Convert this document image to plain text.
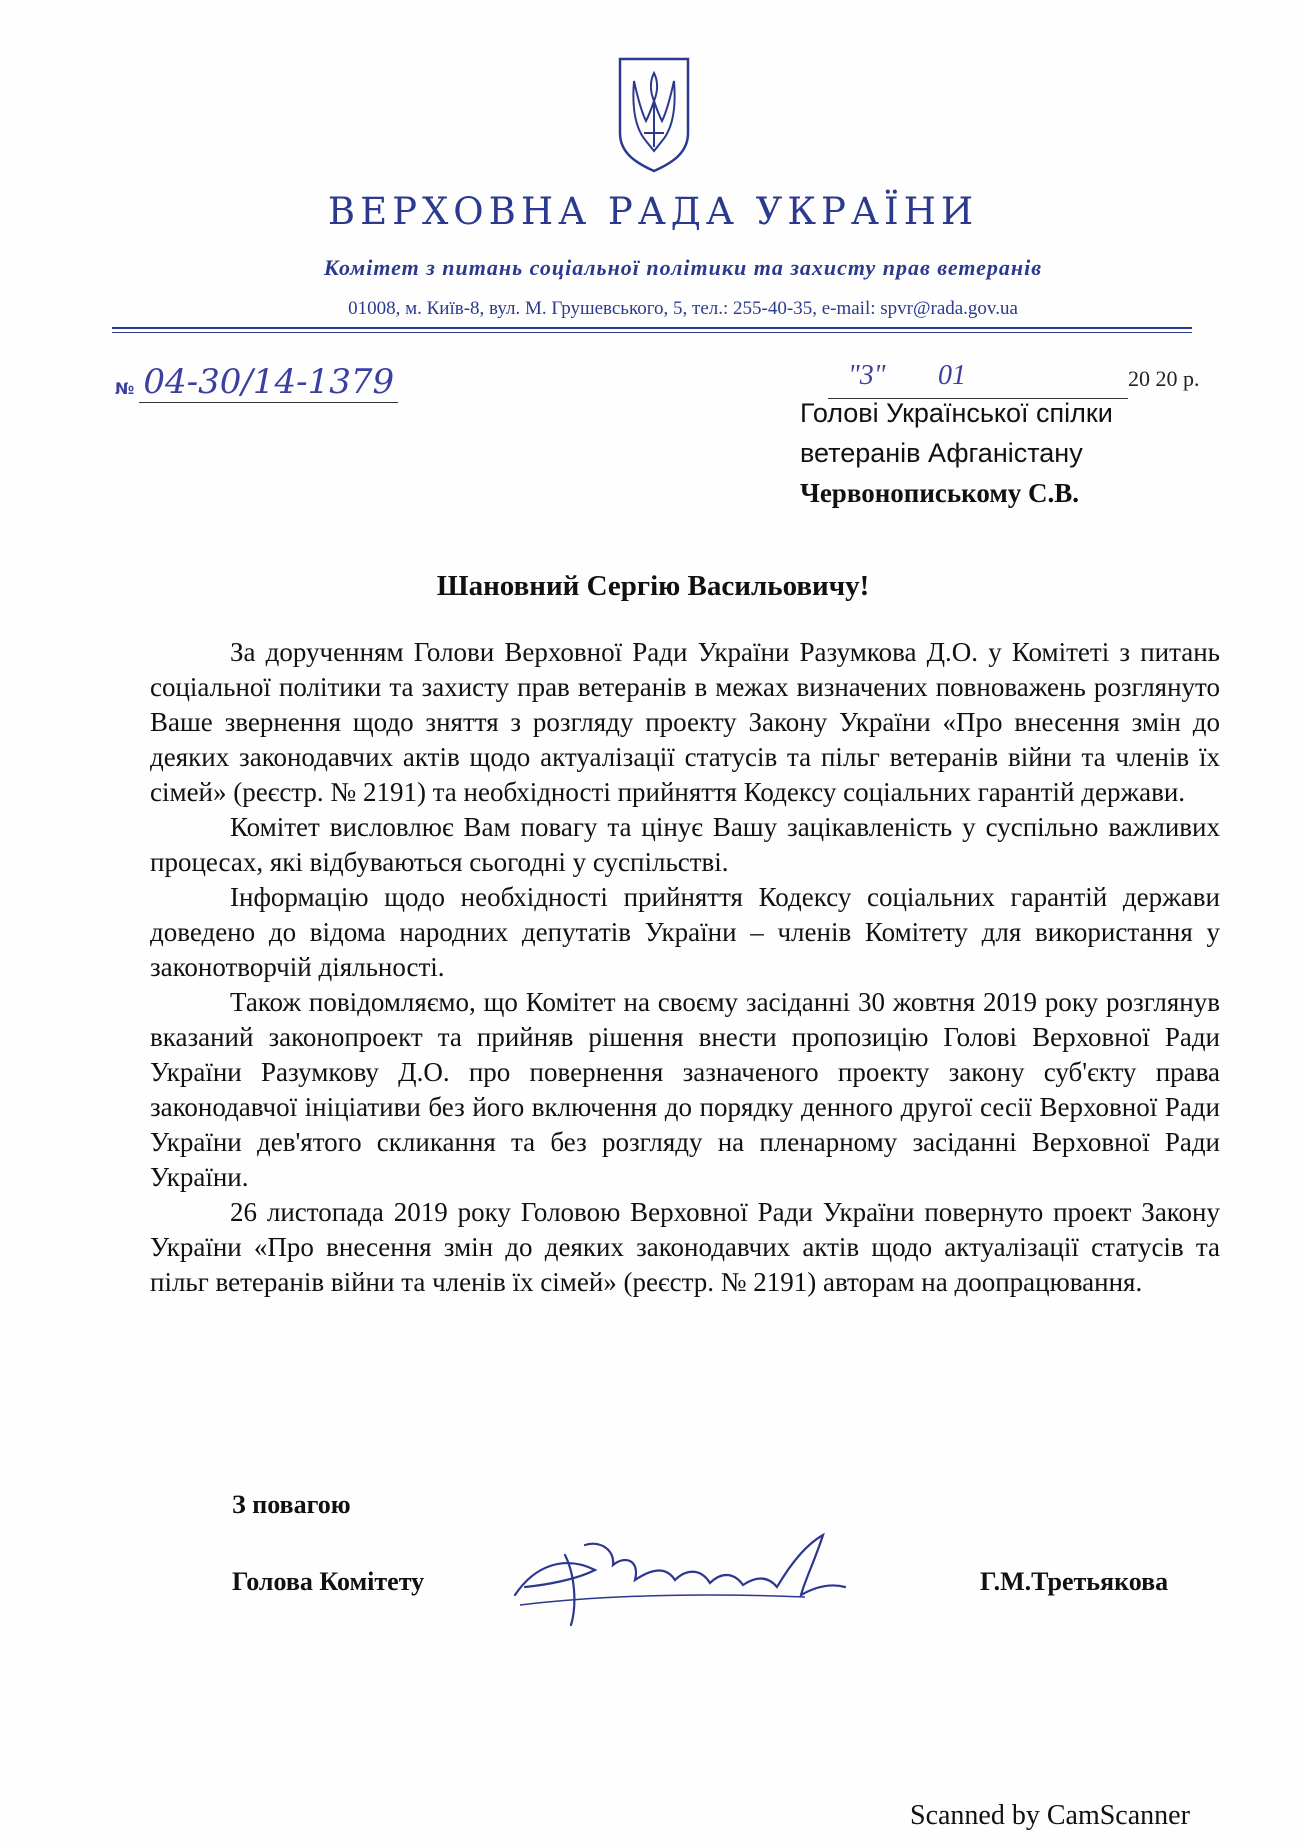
ВЕРХОВНА РАДА УКРАЇНИ
Комітет з питань соціальної політики та захисту прав ветеранів
01008, м. Київ-8, вул. М. Грушевського, 5, тел.: 255-40-35, e-mail: spvr@rada.gov.ua
№ 04-30/14-1379	"3" 01	20 20 р.
Голові Української спілки
ветеранів Афганістану
Червонопиському С.В.
Шановний Сергію Васильовичу!

За дорученням Голови Верховної Ради України Разумкова Д.О. у Комітеті з питань соціальної політики та захисту прав ветеранів в межах визначених повноважень розглянуто Ваше звернення щодо зняття з розгляду проекту Закону України «Про внесення змін до деяких законодавчих актів щодо актуалізації статусів та пільг ветеранів війни та членів їх сімей» (реєстр. № 2191) та необхідності прийняття Кодексу соціальних гарантій держави.

Комітет висловлює Вам повагу та цінує Вашу зацікавленість у суспільно важливих процесах, які відбуваються сьогодні у суспільстві.

Інформацію щодо необхідності прийняття Кодексу соціальних гарантій держави доведено до відома народних депутатів України – членів Комітету для використання у законотворчій діяльності.

Також повідомляємо, що Комітет на своєму засіданні 30 жовтня 2019 року розглянув вказаний законопроект та прийняв рішення внести пропозицію Голові Верховної Ради України Разумкову Д.О. про повернення зазначеного проекту закону суб'єкту права законодавчої ініціативи без його включення до порядку денного другої сесії Верховної Ради України дев'ятого скликання та без розгляду на пленарному засіданні Верховної Ради України.

26 листопада 2019 року Головою Верховної Ради України повернуто проект Закону України «Про внесення змін до деяких законодавчих актів щодо актуалізації статусів та пільг ветеранів війни та членів їх сімей» (реєстр. № 2191) авторам на доопрацювання.

З повагою
Голова Комітету	Г.М.Третьякова
Scanned by CamScanner
